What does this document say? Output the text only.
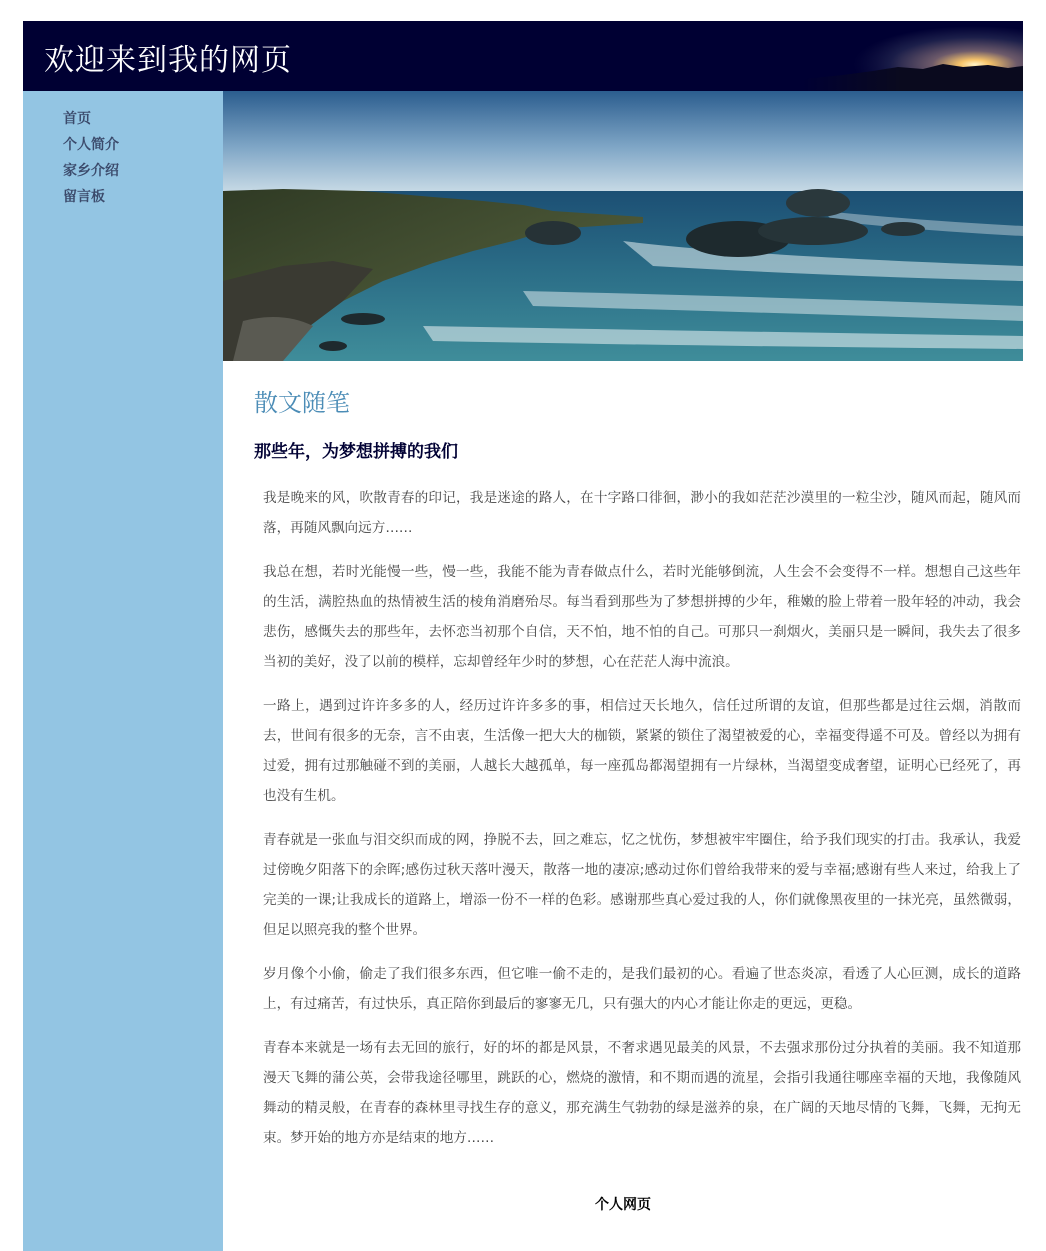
欢迎来到我的网页
首页
个人简介
家乡介绍
留言板
散文随笔
那些年，为梦想拼搏的我们

我是晚来的风，吹散青春的印记，我是迷途的路人，在十字路口徘徊，渺小的我如茫茫沙漠里的一粒尘沙，随风而起，随风而落，再随风飘向远方……

我总在想，若时光能慢一些，慢一些，我能不能为青春做点什么，若时光能够倒流，人生会不会变得不一样。想想自己这些年的生活，满腔热血的热情被生活的棱角消磨殆尽。每当看到那些为了梦想拼搏的少年，稚嫩的脸上带着一股年轻的冲动，我会悲伤，感慨失去的那些年，去怀恋当初那个自信，天不怕，地不怕的自己。可那只一刹烟火，美丽只是一瞬间，我失去了很多当初的美好，没了以前的模样，忘却曾经年少时的梦想，心在茫茫人海中流浪。

一路上，遇到过许许多多的人，经历过许许多多的事，相信过天长地久，信任过所谓的友谊，但那些都是过往云烟，消散而去，世间有很多的无奈，言不由衷，生活像一把大大的枷锁，紧紧的锁住了渴望被爱的心，幸福变得遥不可及。曾经以为拥有过爱，拥有过那触碰不到的美丽，人越长大越孤单，每一座孤岛都渴望拥有一片绿林，当渴望变成奢望，证明心已经死了，再也没有生机。

青春就是一张血与泪交织而成的网，挣脱不去，回之难忘，忆之忧伤，梦想被牢牢圈住，给予我们现实的打击。我承认，我爱过傍晚夕阳落下的余晖;感伤过秋天落叶漫天，散落一地的凄凉;感动过你们曾给我带来的爱与幸福;感谢有些人来过，给我上了完美的一课;让我成长的道路上，增添一份不一样的色彩。感谢那些真心爱过我的人，你们就像黑夜里的一抹光亮，虽然微弱，但足以照亮我的整个世界。

岁月像个小偷，偷走了我们很多东西，但它唯一偷不走的，是我们最初的心。看遍了世态炎凉，看透了人心叵测，成长的道路上，有过痛苦，有过快乐，真正陪你到最后的寥寥无几，只有强大的内心才能让你走的更远，更稳。

青春本来就是一场有去无回的旅行，好的坏的都是风景，不奢求遇见最美的风景，不去强求那份过分执着的美丽。我不知道那漫天飞舞的蒲公英，会带我途径哪里，跳跃的心，燃烧的激情，和不期而遇的流星，会指引我通往哪座幸福的天地，我像随风舞动的精灵般，在青春的森林里寻找生存的意义，那充满生气勃勃的绿是滋养的泉，在广阔的天地尽情的飞舞，飞舞，无拘无束。梦开始的地方亦是结束的地方……

个人网页
